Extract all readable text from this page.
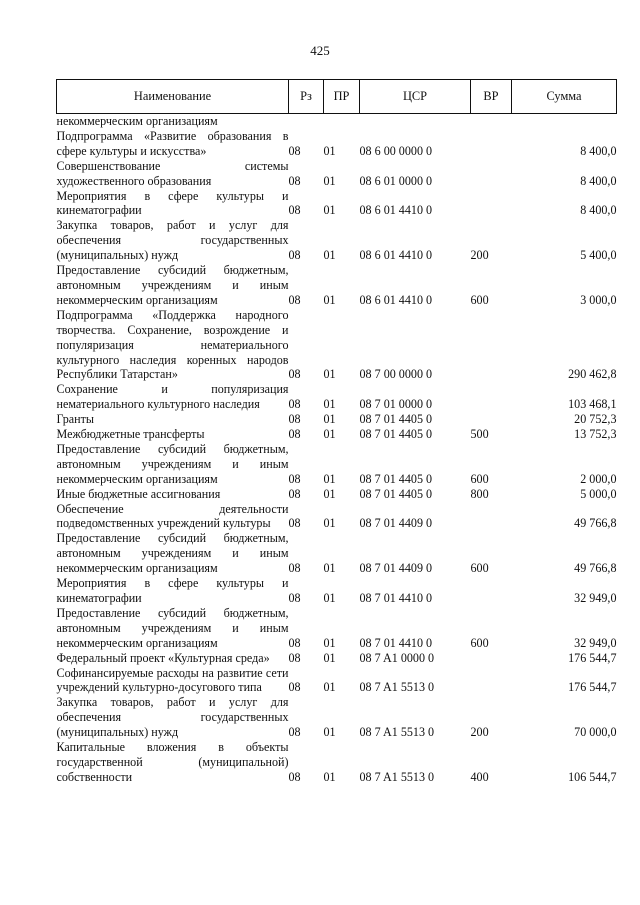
425
Наименование	Рз	ПР	ЦСР	ВР	Сумма
некоммерческим организациям					
Подпрограмма «Развитие образования в сфере культуры и искусства»	08	01	08 6 00 0000 0		8 400,0
Совершенствование системы художественного образования	08	01	08 6 01 0000 0		8 400,0
Мероприятия в сфере культуры и кинематографии	08	01	08 6 01 4410 0		8 400,0
Закупка товаров, работ и услуг для обеспечения государственных (муниципальных) нужд	08	01	08 6 01 4410 0	200	5 400,0
Предоставление субсидий бюджетным, автономным учреждениям и иным некоммерческим организациям	08	01	08 6 01 4410 0	600	3 000,0
Подпрограмма «Поддержка народного творчества. Сохранение, возрождение и популяризация нематериального культурного наследия коренных народов Республики Татарстан»	08	01	08 7 00 0000 0		290 462,8
Сохранение и популяризация нематериального культурного наследия	08	01	08 7 01 0000 0		103 468,1
Гранты	08	01	08 7 01 4405 0		20 752,3
Межбюджетные трансферты	08	01	08 7 01 4405 0	500	13 752,3
Предоставление субсидий бюджетным, автономным учреждениям и иным некоммерческим организациям	08	01	08 7 01 4405 0	600	2 000,0
Иные бюджетные ассигнования	08	01	08 7 01 4405 0	800	5 000,0
Обеспечение деятельности подведомственных учреждений культуры	08	01	08 7 01 4409 0		49 766,8
Предоставление субсидий бюджетным, автономным учреждениям и иным некоммерческим организациям	08	01	08 7 01 4409 0	600	49 766,8
Мероприятия в сфере культуры и кинематографии	08	01	08 7 01 4410 0		32 949,0
Предоставление субсидий бюджетным, автономным учреждениям и иным некоммерческим организациям	08	01	08 7 01 4410 0	600	32 949,0
Федеральный проект «Культурная среда»	08	01	08 7 A1 0000 0		176 544,7
Софинансируемые расходы на развитие сети учреждений культурно-досугового типа	08	01	08 7 A1 5513 0		176 544,7
Закупка товаров, работ и услуг для обеспечения государственных (муниципальных) нужд	08	01	08 7 A1 5513 0	200	70 000,0
Капитальные вложения в объекты государственной (муниципальной) собственности	08	01	08 7 A1 5513 0	400	106 544,7
